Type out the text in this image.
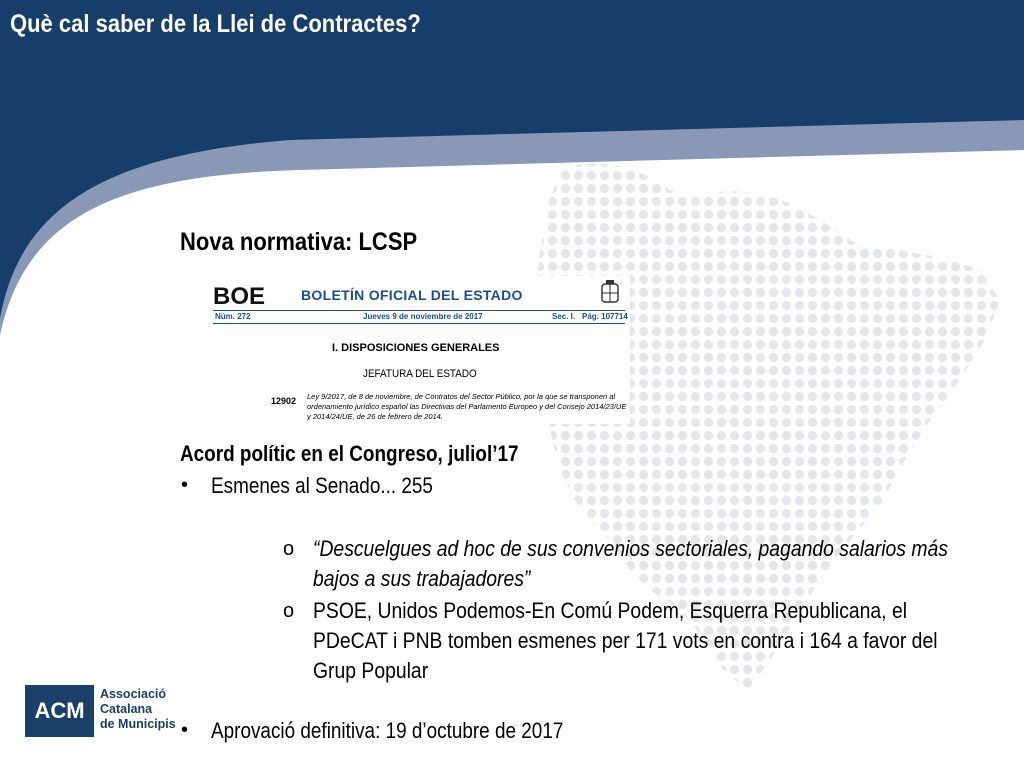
Què cal saber de la Llei de Contractes?
Nova normativa: LCSP
BOE	BOLETÍN OFICIAL DEL ESTADO
Núm. 272	Jueves 9 de noviembre de 2017	Sec. I. Pág. 107714
I. DISPOSICIONES GENERALES
JEFATURA DEL ESTADO
12902 Ley 9/2017, de 8 de noviembre, de Contratos del Sector Público, por la que se transponen al ordenamiento jurídico español las Directivas del Parlamento Europeo y del Consejo 2014/23/UE y 2014/24/UE, de 26 de febrero de 2014.
Acord polític en el Congreso, juliol’17
• Esmenes al Senado... 255
o “Descuelgues ad hoc de sus convenios sectoriales, pagando salarios más bajos a sus trabajadores”
o PSOE, Unidos Podemos-En Comú Podem, Esquerra Republicana, el PDeCAT i PNB tomben esmenes per 171 vots en contra i 164 a favor del Grup Popular
• Aprovació definitiva: 19 d’octubre de 2017
ACM
Associació
Catalana
de Municipis
